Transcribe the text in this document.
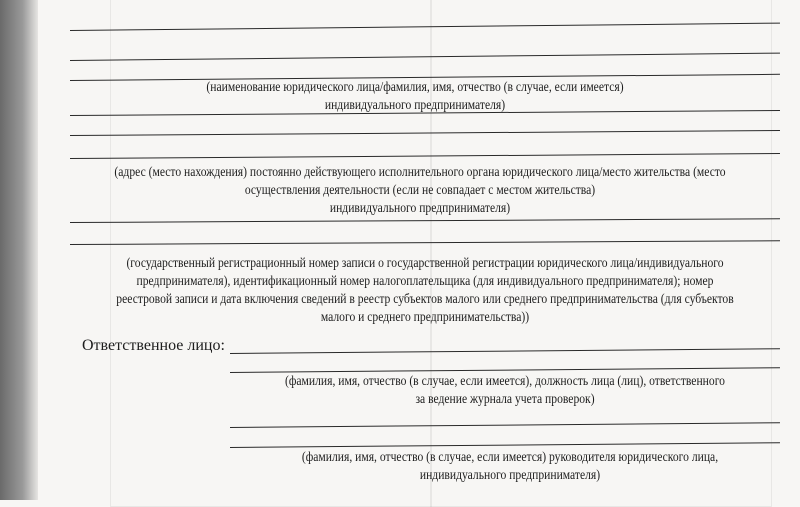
(наименование юридического лица/фамилия, имя, отчество (в случае, если имеется)
индивидуального предпринимателя)
(адрес (место нахождения) постоянно действующего исполнительного органа юридического лица/место жительства (место
осуществления деятельности (если не совпадает с местом жительства)
индивидуального предпринимателя)
(государственный регистрационный номер записи о государственной регистрации юридического лица/индивидуального
предпринимателя), идентификационный номер налогоплательщика (для индивидуального предпринимателя); номер
реестровой записи и дата включения сведений в реестр субъектов малого или среднего предпринимательства (для субъектов
малого и среднего предпринимательства))
Ответственное лицо:
(фамилия, имя, отчество (в случае, если имеется), должность лица (лиц), ответственного
за ведение журнала учета проверок)
(фамилия, имя, отчество (в случае, если имеется) руководителя юридического лица,
индивидуального предпринимателя)
